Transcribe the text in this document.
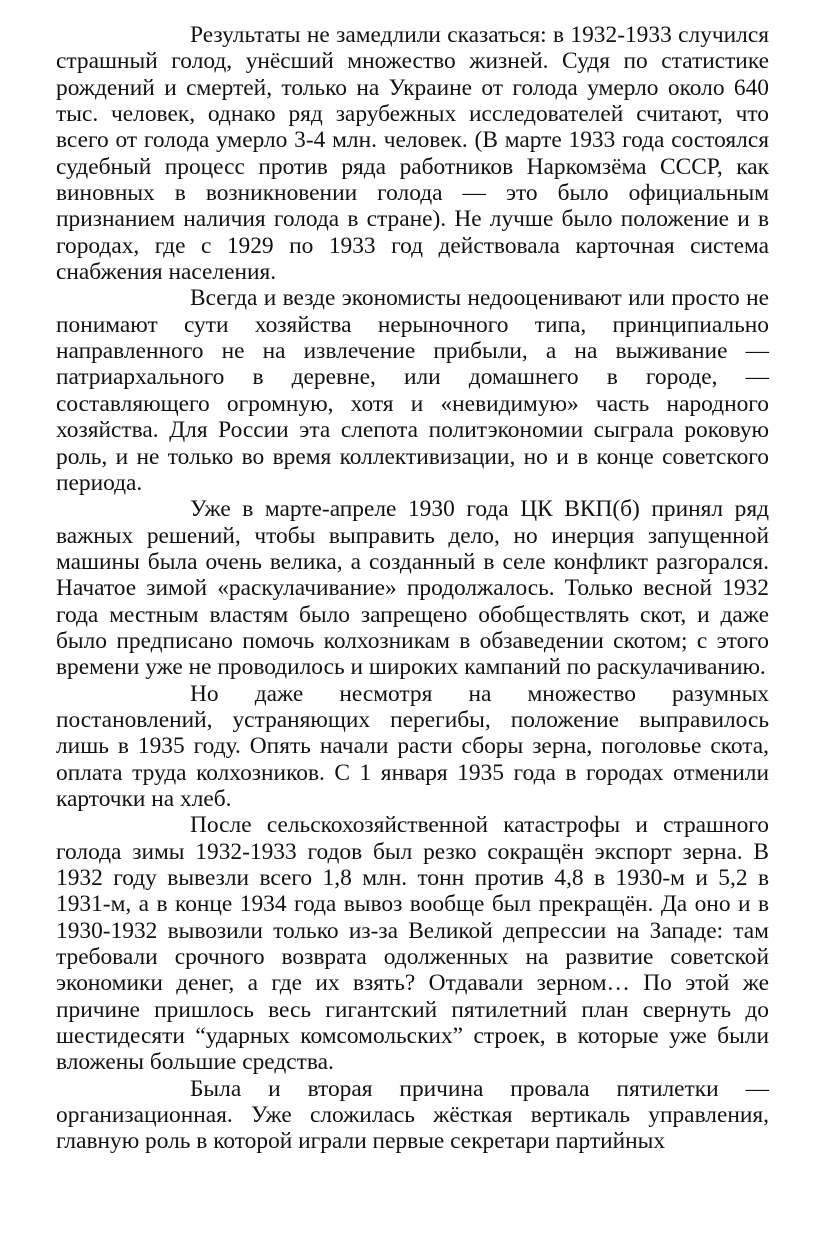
Результаты не замедлили сказаться: в 1932-1933 случился страшный голод, унёсший множество жизней. Судя по статистике рождений и смертей, только на Украине от голода умерло около 640 тыс. человек, однако ряд зарубежных исследователей считают, что всего от голода умерло 3-4 млн. человек. (В марте 1933 года состоялся судебный процесс против ряда работников Наркомзёма СССР, как виновных в возникновении голода — это было официальным признанием наличия голода в стране). Не лучше было положение и в городах, где с 1929 по 1933 год действовала карточная система снабжения населения.

Всегда и везде экономисты недооценивают или просто не понимают сути хозяйства нерыночного типа, принципиально направленного не на извлечение прибыли, а на выживание — патриархального в деревне, или домашнего в городе, — составляющего огромную, хотя и «невидимую» часть народного хозяйства. Для России эта слепота политэкономии сыграла роковую роль, и не только во время коллективизации, но и в конце советского периода.

Уже в марте-апреле 1930 года ЦК ВКП(б) принял ряд важных решений, чтобы выправить дело, но инерция запущенной машины была очень велика, а созданный в селе конфликт разгорался. Начатое зимой «раскулачивание» продолжалось. Только весной 1932 года местным властям было запрещено обобществлять скот, и даже было предписано помочь колхозникам в обзаведении скотом; с этого времени уже не проводилось и широких кампаний по раскулачиванию.

Но даже несмотря на множество разумных постановлений, устраняющих перегибы, положение выправилось лишь в 1935 году. Опять начали расти сборы зерна, поголовье скота, оплата труда колхозников. С 1 января 1935 года в городах отменили карточки на хлеб.

После сельскохозяйственной катастрофы и страшного голода зимы 1932-1933 годов был резко сокращён экспорт зерна. В 1932 году вывезли всего 1,8 млн. тонн против 4,8 в 1930-м и 5,2 в 1931-м, а в конце 1934 года вывоз вообще был прекращён. Да оно и в 1930-1932 вывозили только из-за Великой депрессии на Западе: там требовали срочного возврата одолженных на развитие советской экономики денег, а где их взять? Отдавали зерном… По этой же причине пришлось весь гигантский пятилетний план свернуть до шестидесяти “ударных комсомольских” строек, в которые уже были вложены большие средства.

Была и вторая причина провала пятилетки — организационная. Уже сложилась жёсткая вертикаль управления, главную роль в которой играли первые секретари партийных
